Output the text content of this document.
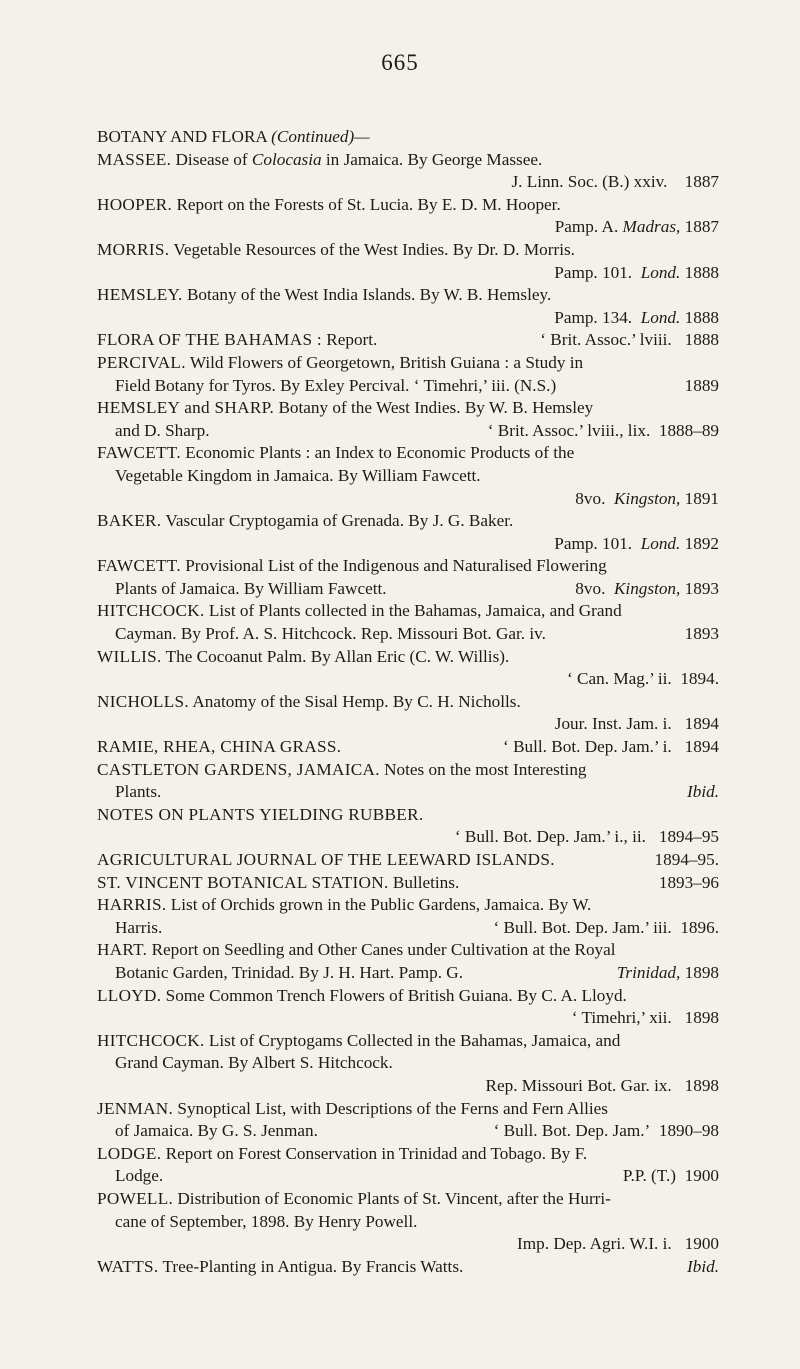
665
BOTANY AND FLORA (Continued)—
MASSEE. Disease of Colocasia in Jamaica. By George Massee.
J. Linn. Soc. (B.) xxiv. 1887
HOOPER. Report on the Forests of St. Lucia. By E. D. M. Hooper.
Pamp. A. Madras, 1887
MORRIS. Vegetable Resources of the West Indies. By Dr. D. Morris.
Pamp. 101. Lond. 1888
HEMSLEY. Botany of the West India Islands. By W. B. Hemsley.
Pamp. 134. Lond. 1888
FLORA OF THE BAHAMAS : Report.	‘ Brit. Assoc.’ lviii. 1888
PERCIVAL. Wild Flowers of Georgetown, British Guiana : a Study in
Field Botany for Tyros. By Exley Percival. ‘ Timehri,’ iii. (N.S.)	1889
HEMSLEY and SHARP. Botany of the West Indies. By W. B. Hemsley
and D. Sharp.	‘ Brit. Assoc.’ lviii., lix. 1888–89
FAWCETT. Economic Plants : an Index to Economic Products of the
Vegetable Kingdom in Jamaica. By William Fawcett.
8vo. Kingston, 1891
BAKER. Vascular Cryptogamia of Grenada. By J. G. Baker.
Pamp. 101. Lond. 1892
FAWCETT. Provisional List of the Indigenous and Naturalised Flowering
Plants of Jamaica. By William Fawcett.	8vo. Kingston, 1893
HITCHCOCK. List of Plants collected in the Bahamas, Jamaica, and Grand
Cayman. By Prof. A. S. Hitchcock. Rep. Missouri Bot. Gar. iv.	1893
WILLIS. The Cocoanut Palm. By Allan Eric (C. W. Willis).
‘ Can. Mag.’ ii. 1894.
NICHOLLS. Anatomy of the Sisal Hemp. By C. H. Nicholls.
Jour. Inst. Jam. i. 1894
RAMIE, RHEA, CHINA GRASS.	‘ Bull. Bot. Dep. Jam.’ i. 1894
CASTLETON GARDENS, JAMAICA. Notes on the most Interesting
Plants.	Ibid.
NOTES ON PLANTS YIELDING RUBBER.
‘ Bull. Bot. Dep. Jam.’ i., ii. 1894–95
AGRICULTURAL JOURNAL OF THE LEEWARD ISLANDS.	1894–95.
ST. VINCENT BOTANICAL STATION. Bulletins.	1893–96
HARRIS. List of Orchids grown in the Public Gardens, Jamaica. By W.
Harris.	‘ Bull. Bot. Dep. Jam.’ iii. 1896.
HART. Report on Seedling and Other Canes under Cultivation at the Royal
Botanic Garden, Trinidad. By J. H. Hart. Pamp. G.	Trinidad, 1898
LLOYD. Some Common Trench Flowers of British Guiana. By C. A. Lloyd.
‘ Timehri,’ xii. 1898
HITCHCOCK. List of Cryptogams Collected in the Bahamas, Jamaica, and
Grand Cayman. By Albert S. Hitchcock.
Rep. Missouri Bot. Gar. ix. 1898
JENMAN. Synoptical List, with Descriptions of the Ferns and Fern Allies
of Jamaica. By G. S. Jenman.	‘ Bull. Bot. Dep. Jam.’ 1890–98
LODGE. Report on Forest Conservation in Trinidad and Tobago. By F.
Lodge.	P.P. (T.) 1900
POWELL. Distribution of Economic Plants of St. Vincent, after the Hurri-
cane of September, 1898. By Henry Powell.
Imp. Dep. Agri. W.I. i. 1900
WATTS. Tree-Planting in Antigua. By Francis Watts.	Ibid.
